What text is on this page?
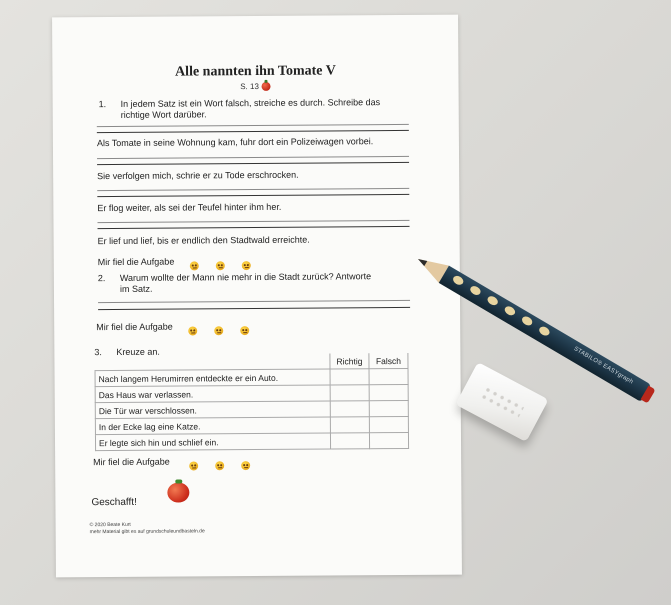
Alle nannten ihn Tomate V
S. 13
1. In jedem Satz ist ein Wort falsch, streiche es durch. Schreibe das
richtige Wort darüber.
Als Tomate in seine Wohnung kam, fuhr dort ein Polizeiwagen vorbei.
Sie verfolgen mich, schrie er zu Tode erschrocken.
Er flog weiter, als sei der Teufel hinter ihm her.
Er lief und lief, bis er endlich den Stadtwald erreichte.
Mir fiel die Aufgabe
2. Warum wollte der Mann nie mehr in die Stadt zurück? Antworte
im Satz.
Mir fiel die Aufgabe
3. Kreuze an.
	Richtig	Falsch
Nach langem Herumirren entdeckte er ein Auto.		
Das Haus war verlassen.		
Die Tür war verschlossen.		
In der Ecke lag eine Katze.		
Er legte sich hin und schlief ein.		
Mir fiel die Aufgabe
Geschafft!
© 2020 Beate Kurt
mehr Material gibt es auf grundschuleundbasteln.de
STABILO® EASYgraph
